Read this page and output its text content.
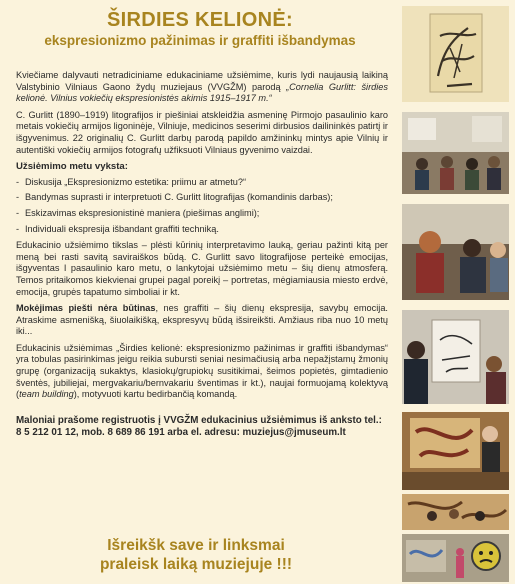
ŠIRDIES KELIONĖ:
ekspresionizmo pažinimas ir graffiti išbandymas

Kviečiame dalyvauti netradiciniame edukaciniame užsiėmime, kuris lydi naujausią laikiną Valstybinio Vilniaus Gaono žydų muziejaus (VVGŽM) parodą „Cornelia Gurlitt: širdies kelionė. Vilnius vokiečių ekspresionistės akimis 1915–1917 m.“

C. Gurlitt (1890–1919) litografijos ir piešiniai atskleidžia asmeninę Pirmojo pasaulinio karo metais vokiečių armijos ligoninėje, Vilniuje, medicinos seserimi dirbusios dailininkės patirtį ir išgyvenimus. 22 originalių C. Gurlitt darbų parodą papildo amžininkų mintys apie Vilnių ir autentiški vokiečių armijos fotografų užfiksuoti Vilniaus gyvenimo vaizdai.

Užsiėmimo metu vyksta:
- Diskusija „Ekspresionizmo estetika: priimu ar atmetu?“
- Bandymas suprasti ir interpretuoti C. Gurlitt litografijas (komandinis darbas);
- Eskizavimas ekspresionistinė maniera (piešimas anglimi);
- Individuali ekspresija išbandant graffiti techniką.

Edukacinio užsiėmimo tikslas – plėsti kūrinių interpretavimo lauką, geriau pažinti kitą per meną bei rasti savitą saviraiškos būdą. C. Gurlitt savo litografijose perteikė emocijas, išgyventas I pasaulinio karo metu, o lankytojai užsiėmimo metu – šių dienų atmosferą. Temos pritaikomos kiekvienai grupei pagal poreikį – portretas, mėgiamiausia miesto erdvė, emocija, grupės tapatumo simboliai ir kt.

Mokėjimas piešti nėra būtinas, nes graffiti – šių dienų ekspresija, savybų emocija. Atraskime asmenišką, šiuolaikišką, ekspresyvų būdą išsireikšti. Amžiaus riba nuo 10 metų iki...

Edukacinis užsiėmimas „Širdies kelionė: ekspresionizmo pažinimas ir graffiti išbandymas“ yra tobulas pasirinkimas jeigu reikia subursti seniai nesimačiusią arba nepažįstamų žmonių grupę (organizaciją sukaktys, klasiokų/grupiokų susitikimai, šeimos popietės, gimtadienio šventės, jubiliejai, mergvakariu/bernvakariu šventimas ir kt.), naujai formuojamą kolektyvą (team building), motyvuoti kartu bedirbančią komandą.

Maloniai prašome registruotis į VVGŽM edukacinius užsiėmimus iš anksto tel.: 8 5 212 01 12, mob. 8 689 86 191 arba el. adresu: muziejus@jmuseum.lt

Išreikšk save ir linksmai
praleisk laiką muziejuje !!!
